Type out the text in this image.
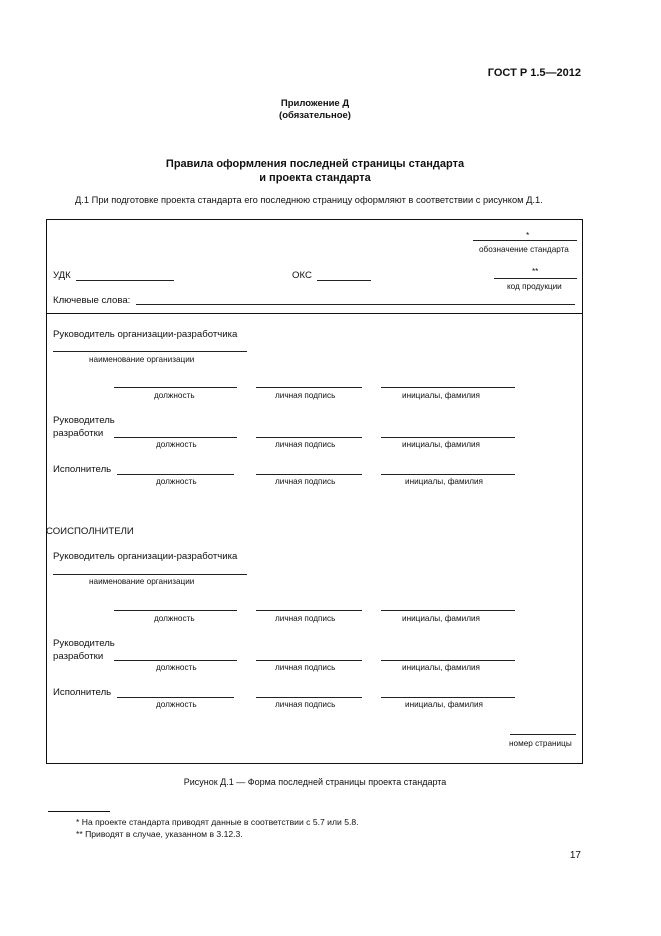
ГОСТ Р 1.5—2012
Приложение Д
(обязательное)
Правила оформления последней страницы стандарта
и проекта стандарта
Д.1 При подготовке проекта стандарта его последнюю страницу оформляют в соответствии с рисунком Д.1.
*
обозначение стандарта
УДК	ОКС	**
код продукции
Ключевые слова:
Руководитель организации-разработчика
наименование организации
должность	личная подпись	инициалы, фамилия
Руководитель
разработки
должность	личная подпись	инициалы, фамилия
Исполнитель
должность	личная подпись	инициалы, фамилия
СОИСПОЛНИТЕЛИ
Руководитель организации-разработчика
наименование организации
должность	личная подпись	инициалы, фамилия
Руководитель
разработки
должность	личная подпись	инициалы, фамилия
Исполнитель
должность	личная подпись	инициалы, фамилия
номер страницы
Рисунок Д.1 — Форма последней страницы проекта стандарта
* На проекте стандарта приводят данные в соответствии с 5.7 или 5.8.
** Приводят в случае, указанном в 3.12.3.
17
